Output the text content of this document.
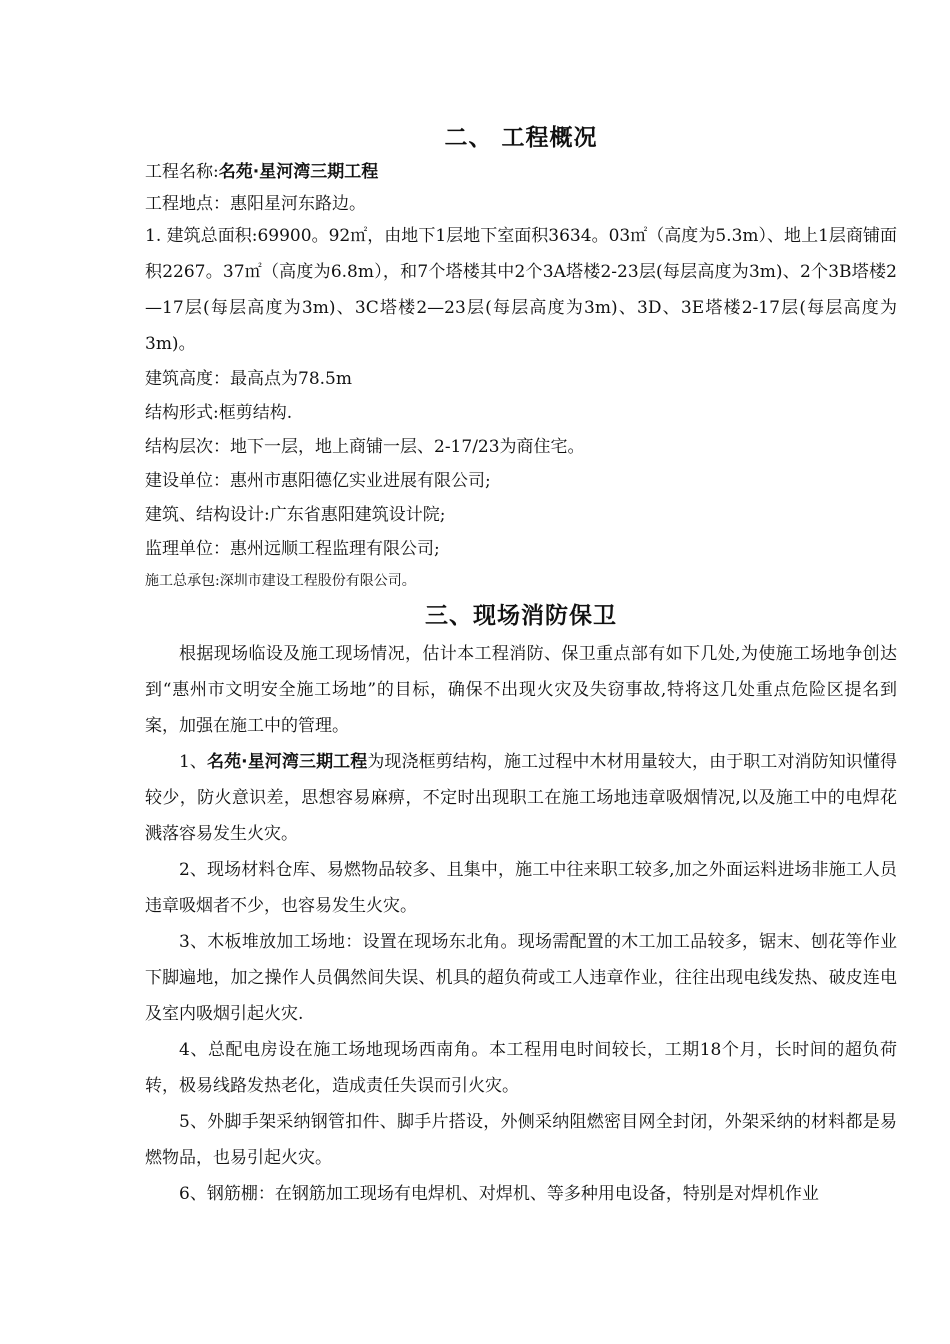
二、 工程概况

工程名称:名苑·星河湾三期工程

工程地点：惠阳星河东路边。

1. 建筑总面积:69900。92㎡，由地下1层地下室面积3634。03㎡（高度为5.3m）、地上1层商铺面积2267。37㎡（高度为6.8m），和7个塔楼其中2个3A塔楼2-23层(每层高度为3m)、2个3B塔楼2—17层(每层高度为3m)、3C塔楼2—23层(每层高度为3m)、3D、3E塔楼2-17层(每层高度为3m)。

建筑高度：最高点为78.5m

结构形式:框剪结构.

结构层次：地下一层，地上商铺一层、2-17/23为商住宅。

建设单位：惠州市惠阳德亿实业进展有限公司;

建筑、结构设计:广东省惠阳建筑设计院;

监理单位：惠州远顺工程监理有限公司;

施工总承包:深圳市建设工程股份有限公司。

三、现场消防保卫

根据现场临设及施工现场情况，估计本工程消防、保卫重点部有如下几处,为使施工场地争创达到“惠州市文明安全施工场地”的目标，确保不出现火灾及失窃事故,特将这几处重点危险区提名到案，加强在施工中的管理。

1、名苑·星河湾三期工程为现浇框剪结构，施工过程中木材用量较大，由于职工对消防知识懂得较少，防火意识差，思想容易麻痹，不定时出现职工在施工场地违章吸烟情况,以及施工中的电焊花溅落容易发生火灾。

2、现场材料仓库、易燃物品较多、且集中，施工中往来职工较多,加之外面运料进场非施工人员违章吸烟者不少，也容易发生火灾。

3、木板堆放加工场地：设置在现场东北角。现场需配置的木工加工品较多，锯末、刨花等作业下脚遍地，加之操作人员偶然间失误、机具的超负荷或工人违章作业，往往出现电线发热、破皮连电及室内吸烟引起火灾.

4、总配电房设在施工场地现场西南角。本工程用电时间较长，工期18个月，长时间的超负荷转，极易线路发热老化，造成责任失误而引火灾。

5、外脚手架采纳钢管扣件、脚手片搭设，外侧采纳阻燃密目网全封闭，外架采纳的材料都是易燃物品，也易引起火灾。

6、钢筋棚：在钢筋加工现场有电焊机、对焊机、等多种用电设备，特别是对焊机作业
